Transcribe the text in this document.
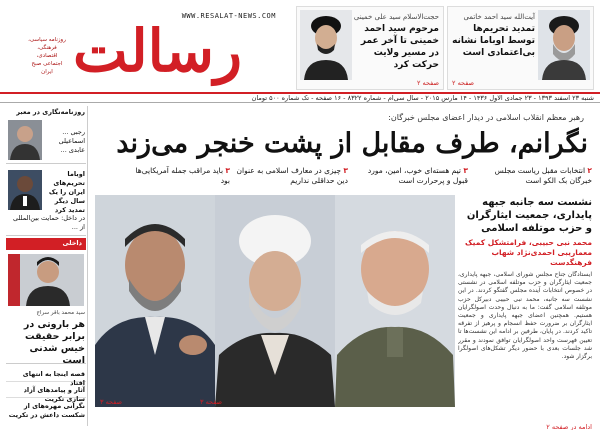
WWW.RESALAT-NEWS.COM
رسالت
روزنامه سیاسی، فرهنگی، اقتصادی، اجتماعی صبح ایران
آیت‌الله سید احمد خاتمی
تمدید تحریم‌ها توسط اوباما نشانه بی‌اعتمادی است
صفحه ۲
حجت‌الاسلام سید علی خمینی
مرحوم سید احمد خمینی تا آخر عمر در مسیر ولایت حرکت کرد
صفحه ۲
شنبه ۲۳ اسفند ۱۳۹۳ - ۲۳ جمادی الاول ۱۴۳۶ - ۱۴ مارس ۲۰۱۵ - سال سی‌ام - شماره ۸۳۲۲ - ۱۶ صفحه - تک شماره ۵۰۰ تومان
روزنامه‌نگاری در معبر
رجبی ... اسماعیلی عابدی ...
اوباما تحریم‌های ایران را یک سال دیگر تمدید کرد
در داخل: حمایت بین‌المللی از ...
داخلی
سید محمد باقر سراج
هر باروتی در برابر حقیقت خیس شدنی است
قصه اینجا به انتهای افتاد
آثار و پیامدهای آزاد سازی تکریت
نگرانی مهره‌های از شکست داعش در تکریت
رهبر معظم انقلاب اسلامی در دیدار اعضای مجلس خبرگان:
نگرانم، طرف مقابل از پشت خنجر می‌زند
۲ انتخابات مقبل ریاست مجلس خبرگان بک الکو است
۳ تیم هسته‌ای خوب، امین، مورد قبول و پرحرارت است
۳ چیزی در معارف اسلامی به عنوان دین حداقلی نداریم
۳ باید مراقب جمله آمریکایی‌ها بود
صفحه ۳	صفحه ۳
نشست سه جانبه جبهه پایداری، جمعیت ایثارگران و حزب موتلفه اسلامی
محمد نبی حبیبی، فرامتشکل کمیک معماریبی احمدی‌نژاد شهاب فرهنگدست
ایستادگان جناح مجلس شورای اسلامی، جبهه پایداری، جمعیت ایثارگران و حزب موتلفه اسلامی در نشستی در خصوص انتخابات آینده مجلس گفتگو کردند. در این نشست سه جانبه، محمد نبی حبیبی دبیرکل حزب موتلفه اسلامی گفت: ما به دنبال وحدت اصولگرایان هستیم. همچنین اعضای جبهه پایداری و جمعیت ایثارگران بر ضرورت حفظ انسجام و پرهیز از تفرقه تاکید کردند. در پایان، طرفین بر ادامه این نشست‌ها تا تعیین فهرست واحد اصولگرایان توافق نمودند و مقرر شد جلسات بعدی با حضور دیگر تشکل‌های اصولگرا برگزار شود.
ادامه در صفحه ۲
